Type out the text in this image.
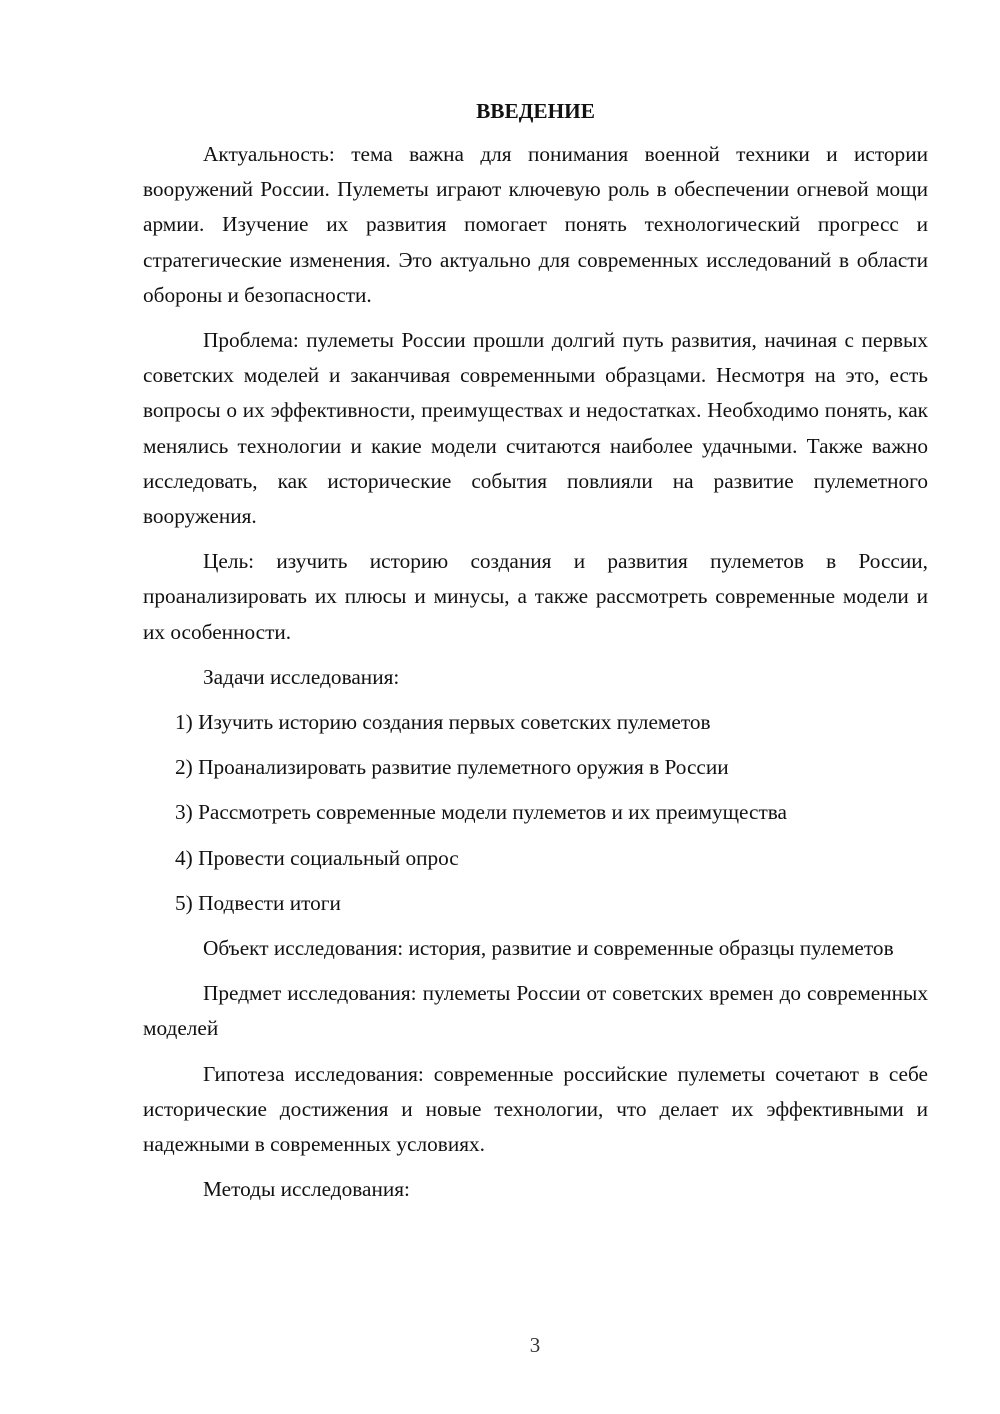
ВВЕДЕНИЕ

Актуальность: тема важна для понимания военной техники и истории вооружений России. Пулеметы играют ключевую роль в обеспечении огневой мощи армии. Изучение их развития помогает понять технологический прогресс и стратегические изменения. Это актуально для современных исследований в области обороны и безопасности.

Проблема: пулеметы России прошли долгий путь развития, начиная с первых советских моделей и заканчивая современными образцами. Несмотря на это, есть вопросы о их эффективности, преимуществах и недостатках. Необходимо понять, как менялись технологии и какие модели считаются наиболее удачными. Также важно исследовать, как исторические события повлияли на развитие пулеметного вооружения.

Цель: изучить историю создания и развития пулеметов в России, проанализировать их плюсы и минусы, а также рассмотреть современные модели и их особенности.

Задачи исследования:

1) Изучить историю создания первых советских пулеметов
2) Проанализировать развитие пулеметного оружия в России
3) Рассмотреть современные модели пулеметов и их преимущества
4) Провести социальный опрос
5) Подвести итоги

Объект исследования: история, развитие и современные образцы пулеметов

Предмет исследования: пулеметы России от советских времен до современных моделей

Гипотеза исследования: современные российские пулеметы сочетают в себе исторические достижения и новые технологии, что делает их эффективными и надежными в современных условиях.

Методы исследования:

3
